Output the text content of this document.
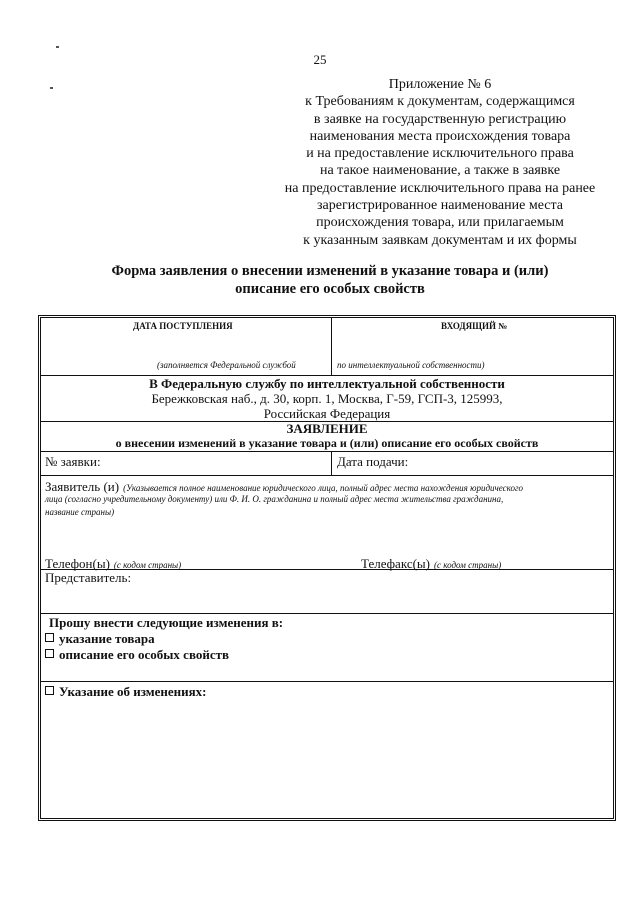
25
Приложение № 6
к Требованиям к документам, содержащимся
в заявке на государственную регистрацию
наименования места происхождения товара
и на предоставление исключительного права
на такое наименование, а также в заявке
на предоставление исключительного права на ранее
зарегистрированное наименование места
происхождения товара, или прилагаемым
к указанным заявкам документам и их формы
Форма заявления о внесении изменений в указание товара и (или)
описание его особых свойств
ДАТА ПОСТУПЛЕНИЯ	ВХОДЯЩИЙ №
(заполняется Федеральной службой	по интеллектуальной собственности)
В Федеральную службу по интеллектуальной собственности
Бережковская наб., д. 30, корп. 1, Москва, Г-59, ГСП-3, 125993,
Российская Федерация
ЗАЯВЛЕНИЕ
о внесении изменений в указание товара и (или) описание его особых свойств
№ заявки:	Дата подачи:
Заявитель (и) (Указывается полное наименование юридического лица, полный адрес места нахождения юридического
лица (согласно учредительному документу) или Ф. И. О. гражданина и полный адрес места жительства гражданина,
название страны)
Телефон(ы) (с кодом страны)	Телефакс(ы) (с кодом страны)
Представитель:
Прошу внести следующие изменения в:
указание товара
описание его особых свойств
Указание об изменениях:
